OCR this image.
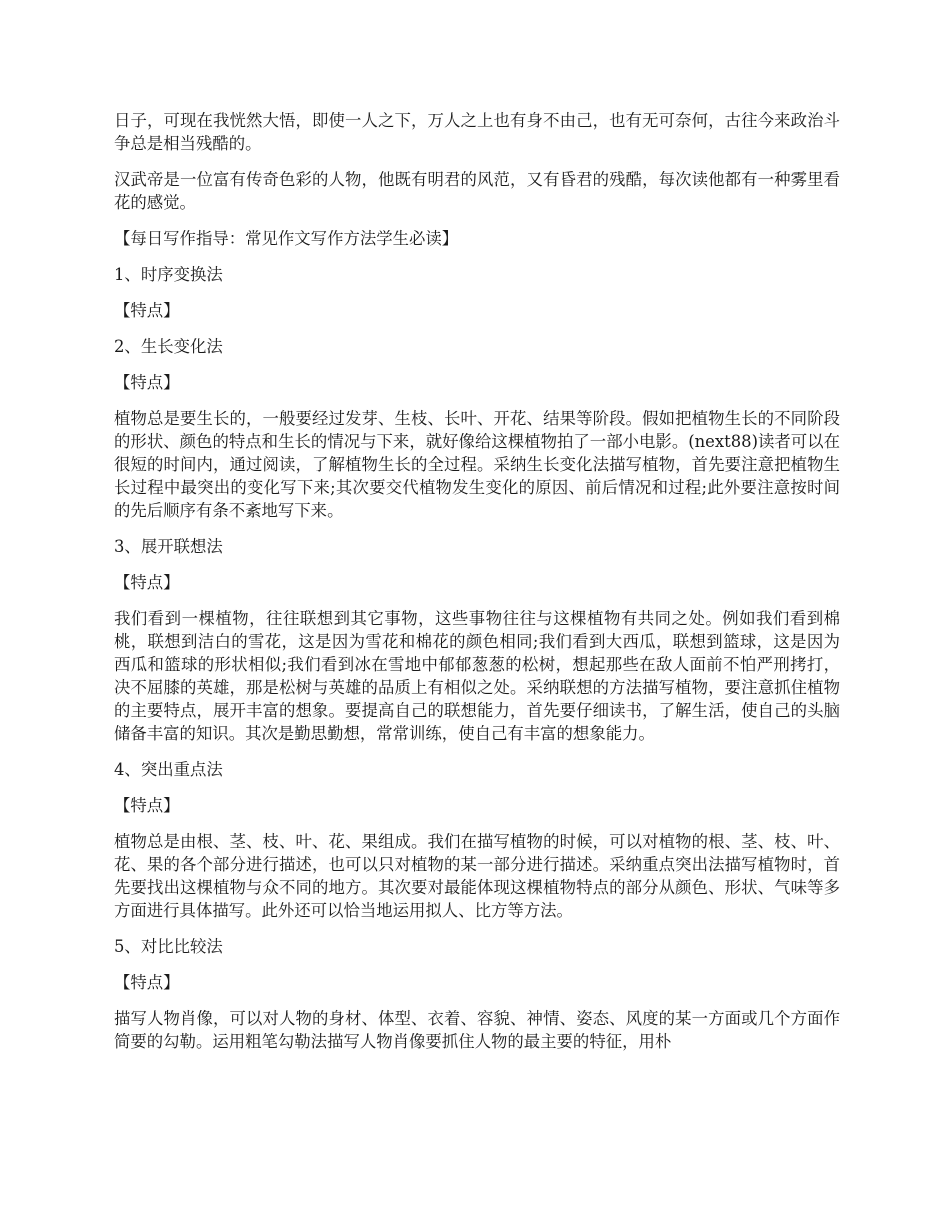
日子，可现在我恍然大悟，即使一人之下，万人之上也有身不由己，也有无可奈何，古往今来政治斗争总是相当残酷的。

汉武帝是一位富有传奇色彩的人物，他既有明君的风范，又有昏君的残酷，每次读他都有一种雾里看花的感觉。

【每日写作指导：常见作文写作方法学生必读】

1、时序变换法

【特点】

2、生长变化法

【特点】

植物总是要生长的，一般要经过发芽、生枝、长叶、开花、结果等阶段。假如把植物生长的不同阶段的形状、颜色的特点和生长的情况与下来，就好像给这棵植物拍了一部小电影。(next88)读者可以在很短的时间内，通过阅读，了解植物生长的全过程。采纳生长变化法描写植物，首先要注意把植物生长过程中最突出的变化写下来;其次要交代植物发生变化的原因、前后情况和过程;此外要注意按时间的先后顺序有条不紊地写下来。

3、展开联想法

【特点】

我们看到一棵植物，往往联想到其它事物，这些事物往往与这棵植物有共同之处。例如我们看到棉桃，联想到洁白的雪花，这是因为雪花和棉花的颜色相同;我们看到大西瓜，联想到篮球，这是因为西瓜和篮球的形状相似;我们看到冰在雪地中郁郁葱葱的松树，想起那些在敌人面前不怕严刑拷打，决不屈膝的英雄，那是松树与英雄的品质上有相似之处。采纳联想的方法描写植物，要注意抓住植物的主要特点，展开丰富的想象。要提高自己的联想能力，首先要仔细读书，了解生活，使自己的头脑储备丰富的知识。其次是勤思勤想，常常训练，使自己有丰富的想象能力。

4、突出重点法

【特点】

植物总是由根、茎、枝、叶、花、果组成。我们在描写植物的时候，可以对植物的根、茎、枝、叶、花、果的各个部分进行描述，也可以只对植物的某一部分进行描述。采纳重点突出法描写植物时，首先要找出这棵植物与众不同的地方。其次要对最能体现这棵植物特点的部分从颜色、形状、气味等多方面进行具体描写。此外还可以恰当地运用拟人、比方等方法。

5、对比比较法

【特点】

描写人物肖像，可以对人物的身材、体型、衣着、容貌、神情、姿态、风度的某一方面或几个方面作简要的勾勒。运用粗笔勾勒法描写人物肖像要抓住人物的最主要的特征，用朴
